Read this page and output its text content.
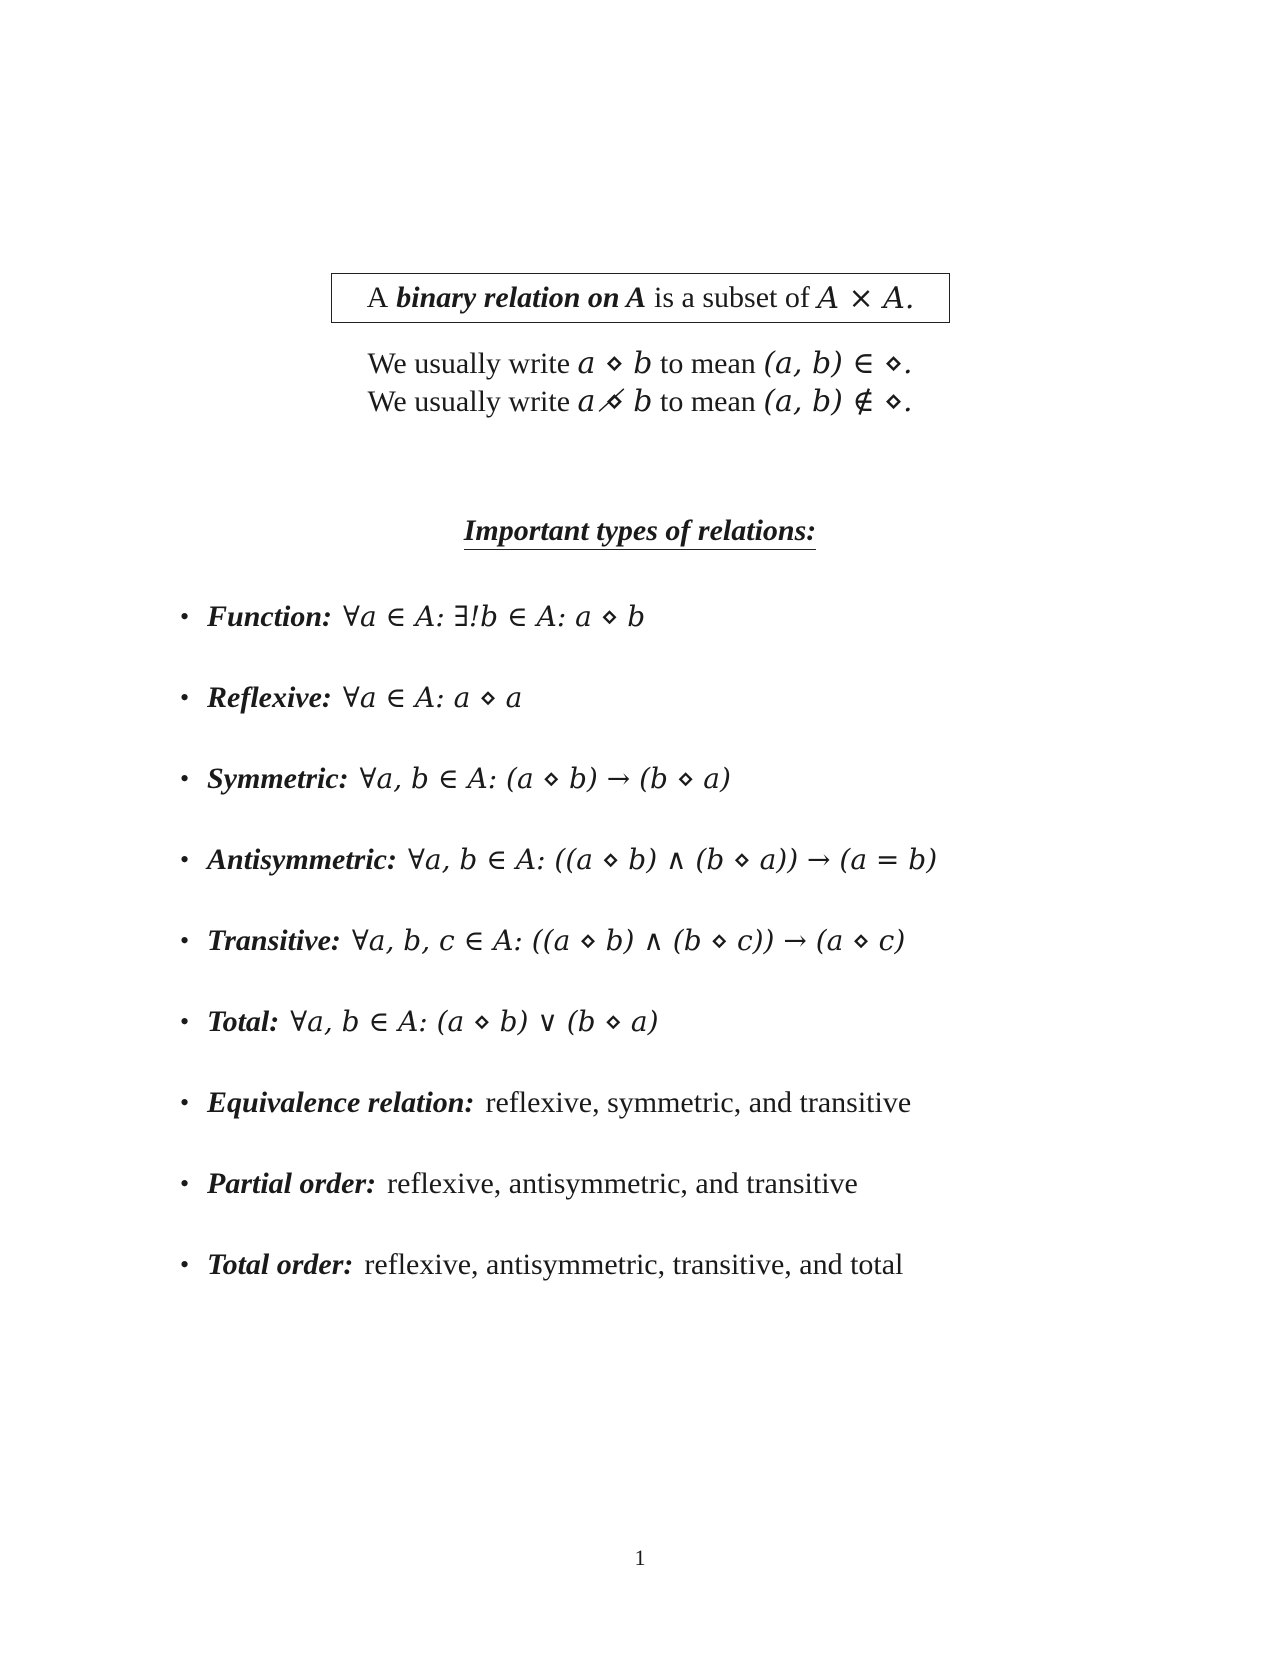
A binary relation on A is a subset of
A × A.
We usually write a ⋄ b to mean (a, b) ∈ ⋄.
We usually write a ⋄̸ b to mean (a, b) ∉ ⋄.
Important types of relations:
• Function: ∀a ∈ A: ∃!b ∈ A: a ⋄ b
• Reflexive: ∀a ∈ A: a ⋄ a
• Symmetric: ∀a, b ∈ A: (a ⋄ b) → (b ⋄ a)
• Antisymmetric: ∀a, b ∈ A: ((a ⋄ b) ∧ (b ⋄ a)) → (a = b)
• Transitive: ∀a, b, c ∈ A: ((a ⋄ b) ∧ (b ⋄ c)) → (a ⋄ c)
• Total: ∀a, b ∈ A: (a ⋄ b) ∨ (b ⋄ a)
• Equivalence relation: reflexive, symmetric, and transitive
• Partial order: reflexive, antisymmetric, and transitive
• Total order: reflexive, antisymmetric, transitive, and total
1
